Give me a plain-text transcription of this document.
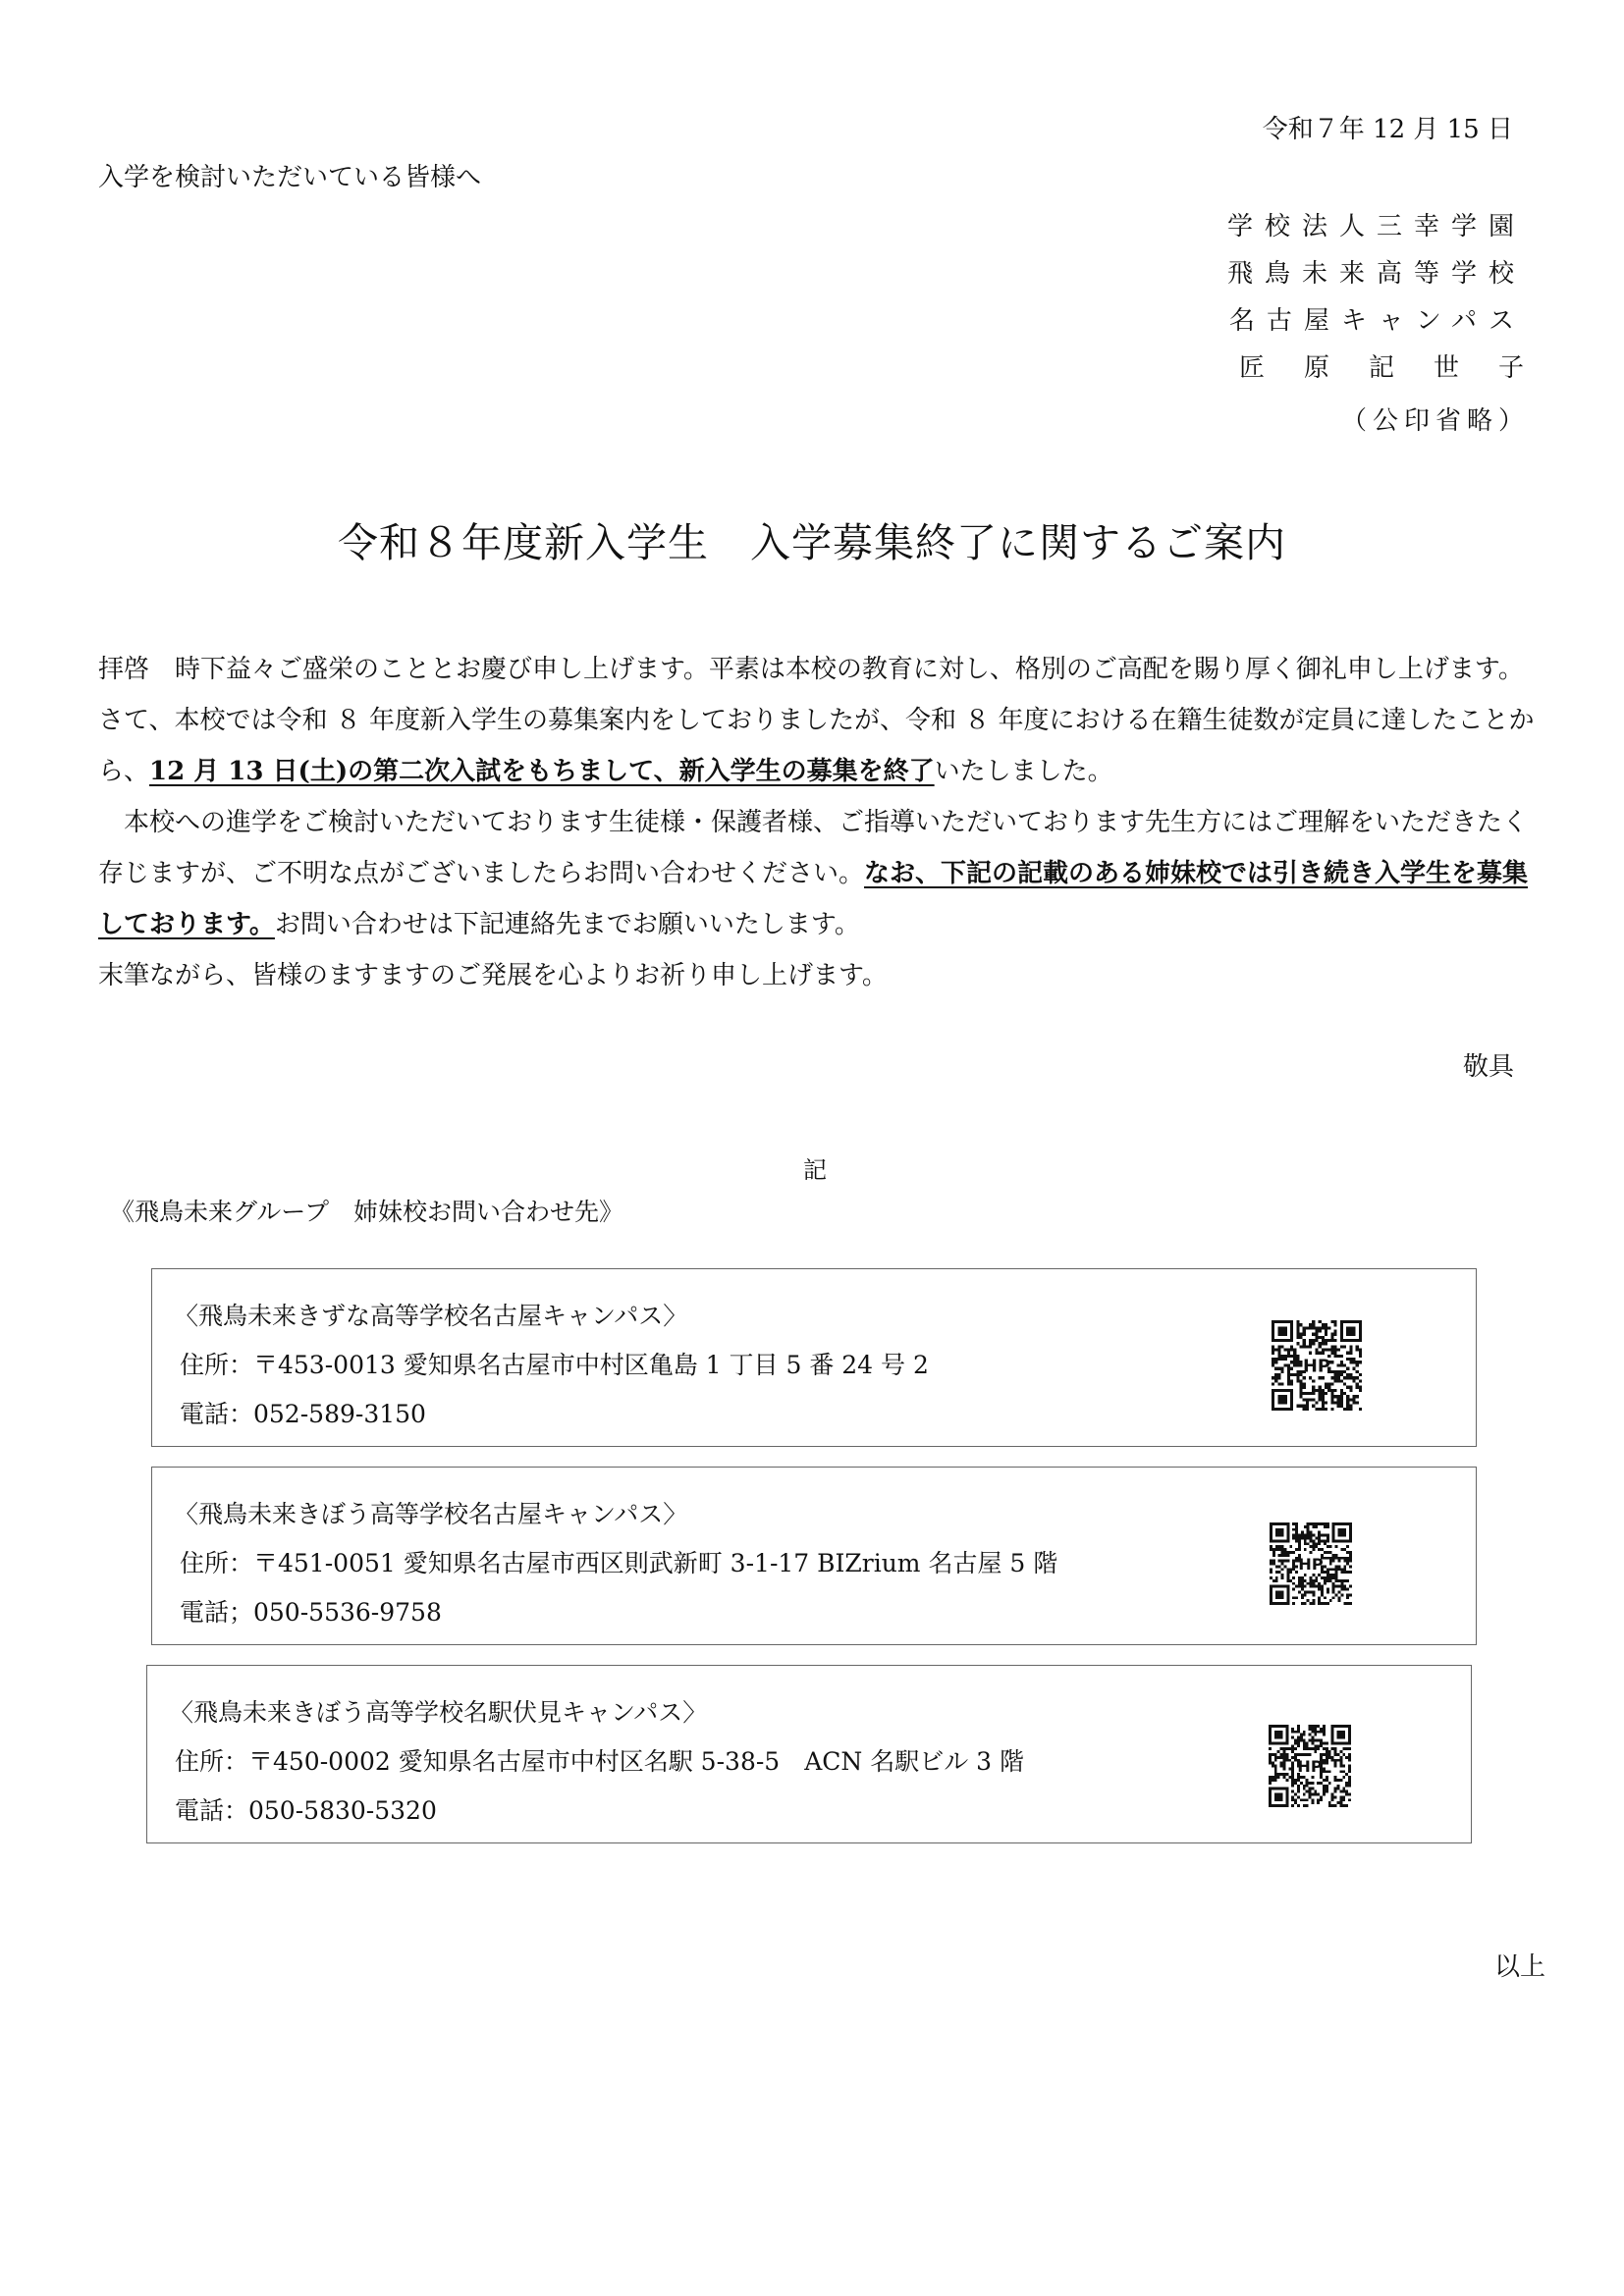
令和７年 12 月 15 日
入学を検討いただいている皆様へ
学校法人三幸学園
飛鳥未来高等学校
名古屋キャンパス
匠原記世子
（公印省略）
令和８年度新入学生　入学募集終了に関するご案内

拝啓　時下益々ご盛栄のこととお慶び申し上げます。平素は本校の教育に対し、格別のご高配を賜り厚く御礼申し上げます。

さて、本校では令和 ８ 年度新入学生の募集案内をしておりましたが、令和 ８ 年度における在籍生徒数が定員に達したことから、12 月 13 日(土)の第二次入試をもちまして、新入学生の募集を終了いたしました。

　本校への進学をご検討いただいております生徒様・保護者様、ご指導いただいております先生方にはご理解をいただきたく存じますが、ご不明な点がございましたらお問い合わせください。なお、下記の記載のある姉妹校では引き続き入学生を募集しております。お問い合わせは下記連絡先までお願いいたします。

末筆ながら、皆様のますますのご発展を心よりお祈り申し上げます。

敬具
記
《飛鳥未来グループ　姉妹校お問い合わせ先》
〈飛鳥未来きずな高等学校名古屋キャンパス〉
住所：〒453-0013 愛知県名古屋市中村区亀島 1 丁目 5 番 24 号 2
電話：052-589-3150
HP
〈飛鳥未来きぼう高等学校名古屋キャンパス〉
住所：〒451-0051 愛知県名古屋市西区則武新町 3-1-17 BIZrium 名古屋 5 階
電話；050-5536-9758
HP
〈飛鳥未来きぼう高等学校名駅伏見キャンパス〉
住所：〒450-0002 愛知県名古屋市中村区名駅 5-38-5　ACN 名駅ビル 3 階
電話：050-5830-5320
HP
以上
